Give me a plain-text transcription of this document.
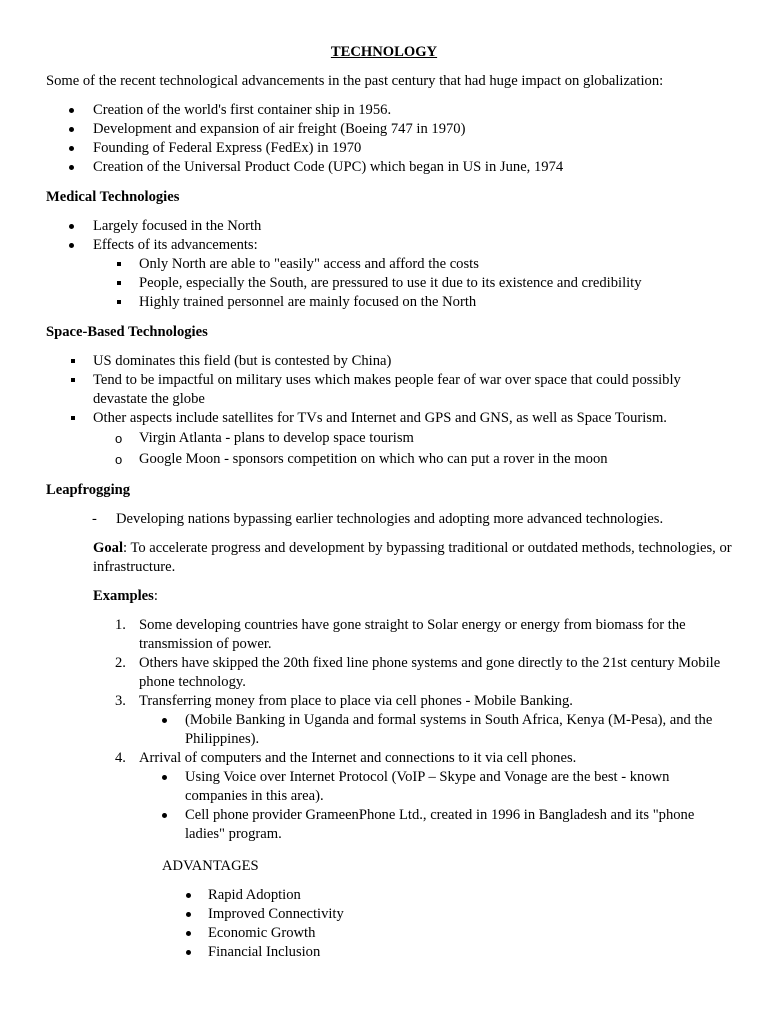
TECHNOLOGY
Some of the recent technological advancements in the past century that had huge impact on globalization:
Creation of the world's first container ship in 1956.
Development and expansion of air freight (Boeing 747 in 1970)
Founding of Federal Express (FedEx) in 1970
Creation of the Universal Product Code (UPC) which began in US in June, 1974
Medical Technologies
Largely focused in the North
Effects of its advancements:
Only North are able to "easily" access and afford the costs
People, especially the South, are pressured to use it due to its existence and credibility
Highly trained personnel are mainly focused on the North
Space-Based Technologies
US dominates this field (but is contested by China)
Tend to be impactful on military uses which makes people fear of war over space that could possibly devastate the globe
Other aspects include satellites for TVs and Internet and GPS and GNS, as well as Space Tourism.
o Virgin Atlanta - plans to develop space tourism
o Google Moon - sponsors competition on which who can put a rover in the moon
Leapfrogging
- Developing nations bypassing earlier technologies and adopting more advanced technologies.
Goal: To accelerate progress and development by bypassing traditional or outdated methods, technologies, or infrastructure.
Examples:
1. Some developing countries have gone straight to Solar energy or energy from biomass for the transmission of power.
2. Others have skipped the 20th fixed line phone systems and gone directly to the 21st century Mobile phone technology.
3. Transferring money from place to place via cell phones - Mobile Banking.
(Mobile Banking in Uganda and formal systems in South Africa, Kenya (M-Pesa), and the Philippines).
4. Arrival of computers and the Internet and connections to it via cell phones.
Using Voice over Internet Protocol (VoIP – Skype and Vonage are the best - known companies in this area).
Cell phone provider GrameenPhone Ltd., created in 1996 in Bangladesh and its "phone ladies" program.
ADVANTAGES
Rapid Adoption
Improved Connectivity
Economic Growth
Financial Inclusion
